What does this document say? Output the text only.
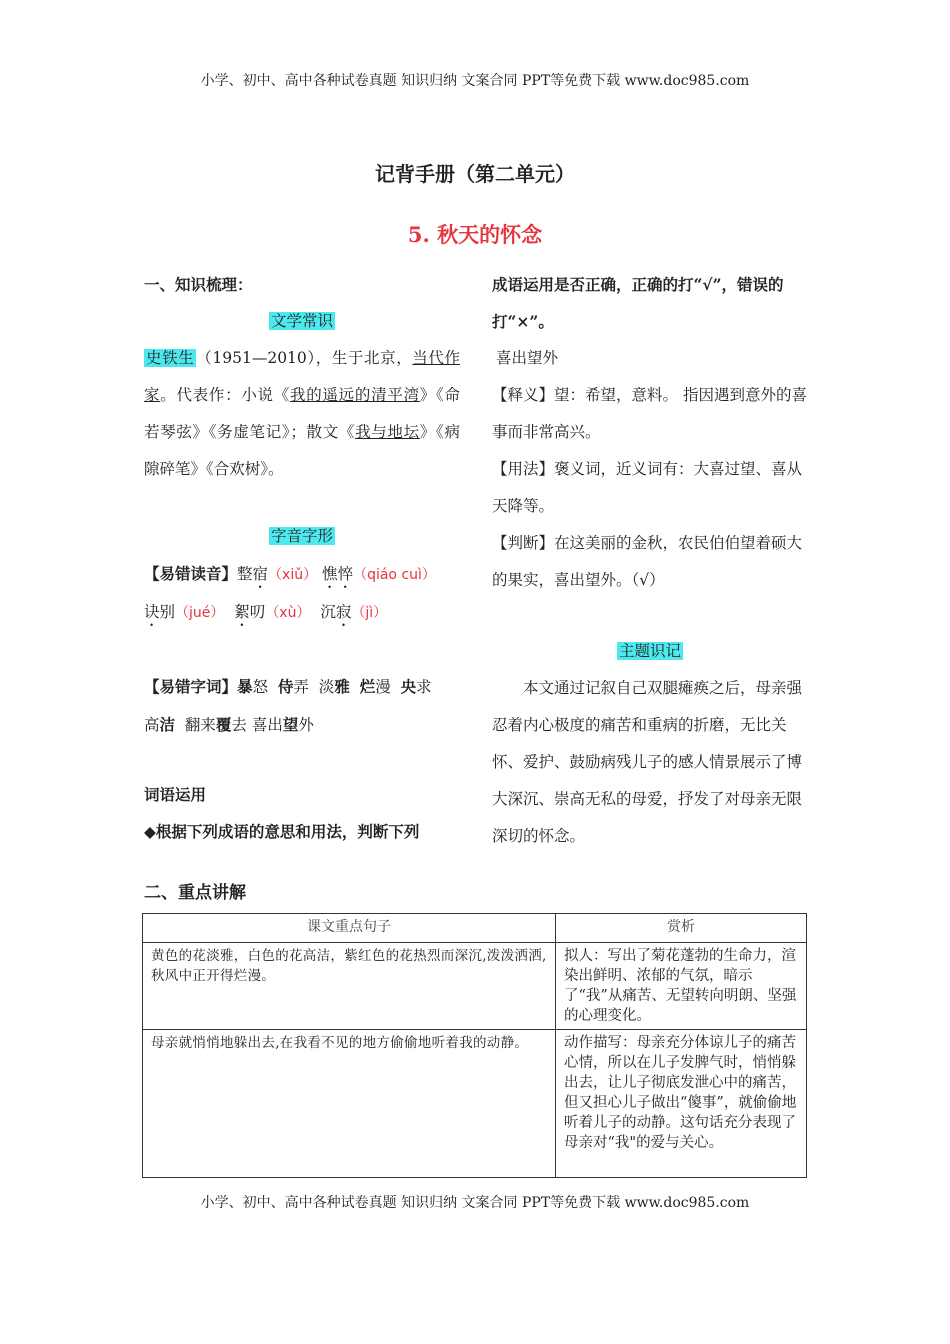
小学、初中、高中各种试卷真题 知识归纳 文案合同 PPT等免费下载 www.doc985.com
记背手册（第二单元）
5. 秋天的怀念
一、知识梳理：
文学常识
史铁生 （1951—2010），生于北京，当代作家。代表作：小说《我的遥远的清平湾》《命若琴弦》《务虚笔记》；散文《我与地坛》《病隙碎笔》《合欢树》。
字音字形
【易错读音】整宿（xiǔ） 憔悴（qiáo cuì）
诀别（jué） 絮叨（xù） 沉寂（jì）
【易错字词】暴怒 侍弄 淡雅 烂漫 央求
高洁 翻来覆去 喜出望外
词语运用
◆根据下列成语的意思和用法，判断下列
成语运用是否正确，正确的打“√”，错误的打“×”。
喜出望外
【释义】望：希望，意料。 指因遇到意外的喜事而非常高兴。
【用法】褒义词，近义词有：大喜过望、喜从天降等。
【判断】在这美丽的金秋，农民伯伯望着硕大的果实，喜出望外。（√）
主题识记
本文通过记叙自己双腿瘫痪之后，母亲强忍着内心极度的痛苦和重病的折磨，无比关怀、爱护、鼓励病残儿子的感人情景展示了博大深沉、崇高无私的母爱，抒发了对母亲无限深切的怀念。
二、重点讲解
课文重点句子	赏析
黄色的花淡雅，白色的花高洁，紫红色的花热烈而深沉,泼泼洒洒,秋风中正开得烂漫。	拟人：写出了菊花蓬勃的生命力，渲染出鲜明、浓郁的气氛，暗示了“我”从痛苦、无望转向明朗、坚强的心理变化。
母亲就悄悄地躲出去,在我看不见的地方偷偷地听着我的动静。	动作描写：母亲充分体谅儿子的痛苦心情，所以在儿子发脾气时，悄悄躲出去，让儿子彻底发泄心中的痛苦，但又担心儿子做出“傻事”，就偷偷地听着儿子的动静。这句话充分表现了母亲对“我"的爱与关心。
小学、初中、高中各种试卷真题 知识归纳 文案合同 PPT等免费下载 www.doc985.com
